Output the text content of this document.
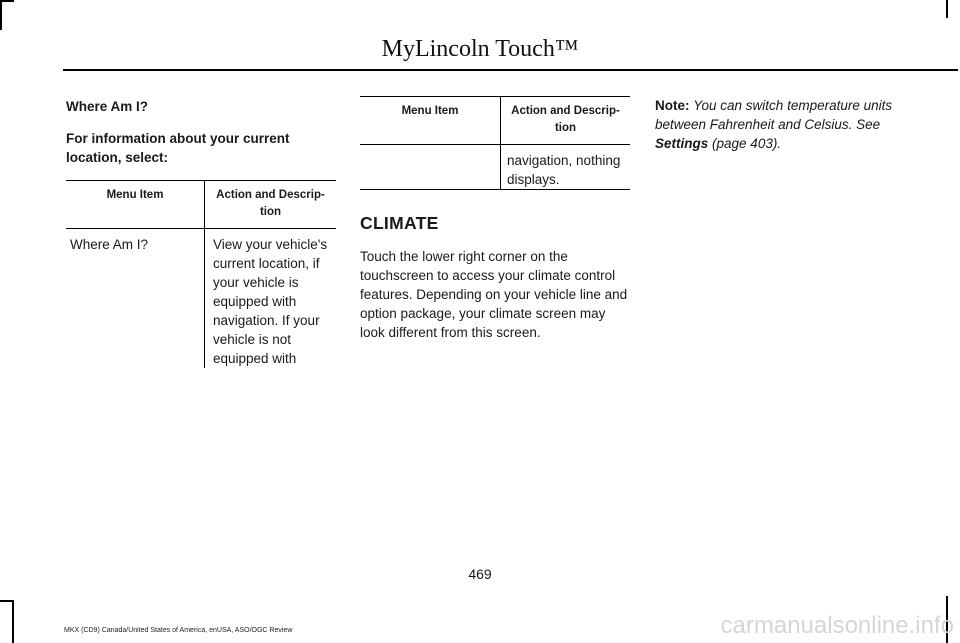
MyLincoln Touch™

Where Am I?

For information about your current location, select:

Menu Item	Action and Descrip-
tion
Where Am I?	View your vehicle's current location, if your vehicle is equipped with navigation. If your vehicle is not equipped with
Menu Item	Action and Descrip-
tion
	navigation, nothing displays.
CLIMATE

Touch the lower right corner on the touchscreen to access your climate control features. Depending on your vehicle line and option package, your climate screen may look different from this screen.

Note: You can switch temperature units between Fahrenheit and Celsius. See Settings (page 403).

469
MKX (CD9) Canada/United States of America, enUSA, ASO/OGC Review	carmanualsonline.info
